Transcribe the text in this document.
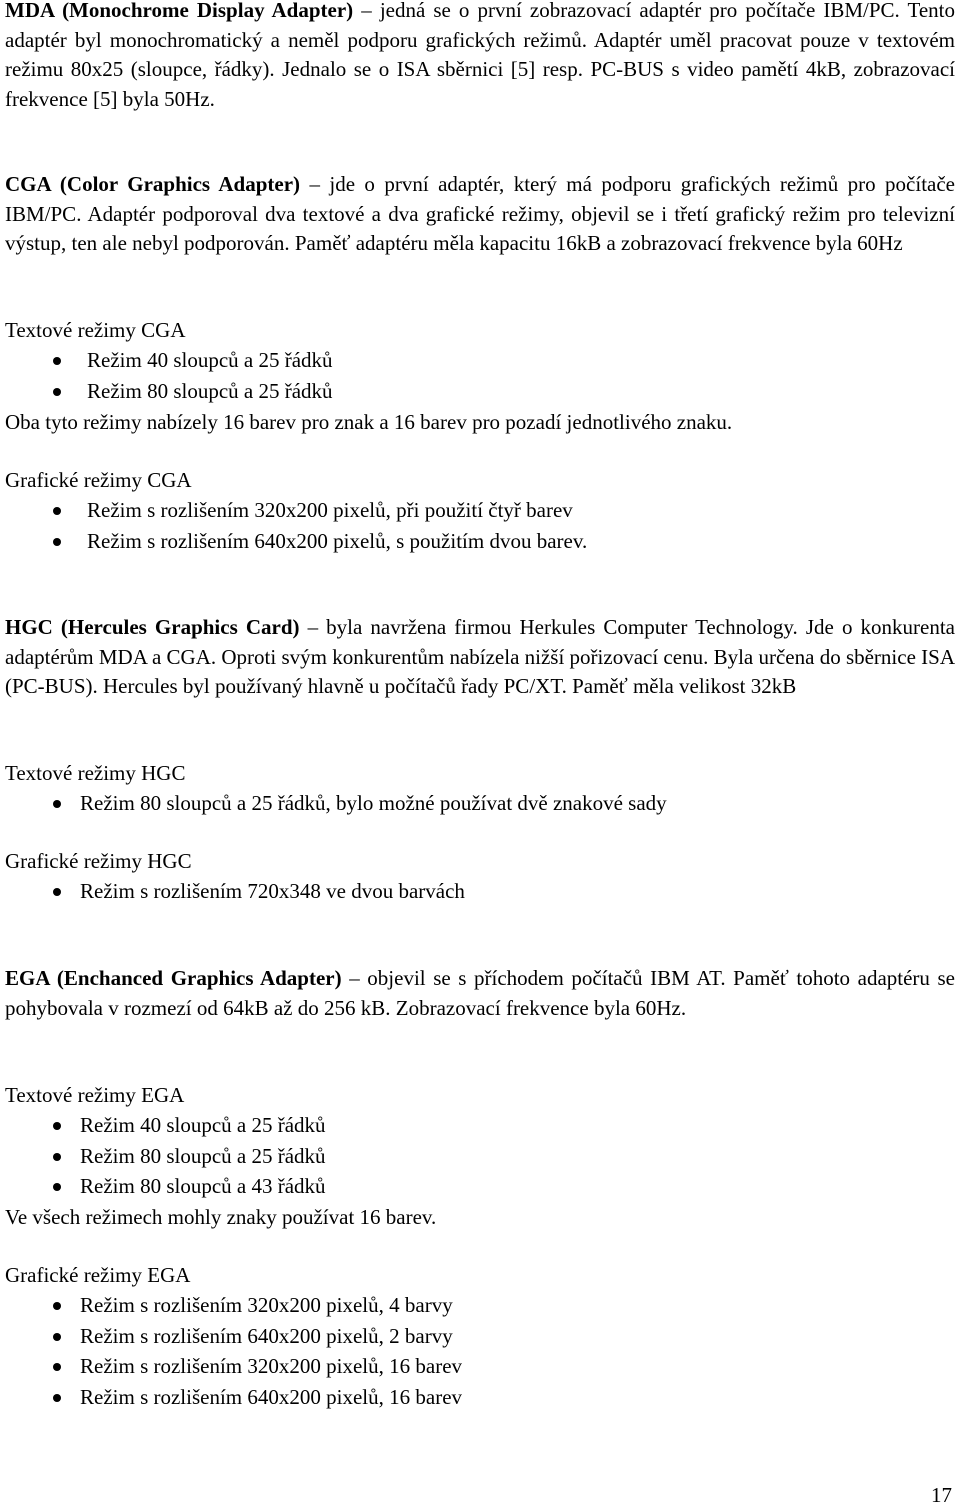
MDA (Monochrome Display Adapter) – jedná se o první zobrazovací adaptér pro počítače IBM/PC. Tento adaptér byl monochromatický a neměl podporu grafických režimů. Adaptér uměl pracovat pouze v textovém režimu 80x25 (sloupce, řádky). Jednalo se o ISA sběrnici [5] resp. PC-BUS s video pamětí 4kB, zobrazovací frekvence [5] byla 50Hz.

CGA (Color Graphics Adapter) – jde o první adaptér, který má podporu grafických režimů pro počítače IBM/PC. Adaptér podporoval dva textové a dva grafické režimy, objevil se i třetí grafický režim pro televizní výstup, ten ale nebyl podporován. Paměť adaptéru měla kapacitu 16kB a zobrazovací frekvence byla 60Hz

Textové režimy CGA
Režim 40 sloupců a 25 řádků
Režim 80 sloupců a 25 řádků
Oba tyto režimy nabízely 16 barev pro znak a 16 barev pro pozadí jednotlivého znaku.
Grafické režimy CGA
Režim s rozlišením 320x200 pixelů, při použití čtyř barev
Režim s rozlišením 640x200 pixelů, s použitím dvou barev.

HGC (Hercules Graphics Card) – byla navržena firmou Herkules Computer Technology. Jde o konkurenta adaptérům MDA a CGA. Oproti svým konkurentům nabízela nižší pořizovací cenu. Byla určena do sběrnice ISA (PC-BUS). Hercules byl používaný hlavně u počítačů řady PC/XT. Paměť měla velikost 32kB

Textové režimy HGC
Režim 80 sloupců a 25 řádků, bylo možné používat dvě znakové sady
Grafické režimy HGC
Režim s rozlišením 720x348 ve dvou barvách

EGA (Enchanced Graphics Adapter) – objevil se s příchodem počítačů IBM AT. Paměť tohoto adaptéru se pohybovala v rozmezí od 64kB až do 256 kB. Zobrazovací frekvence byla 60Hz.

Textové režimy EGA
Režim 40 sloupců a 25 řádků
Režim 80 sloupců a 25 řádků
Režim 80 sloupců a 43 řádků
Ve všech režimech mohly znaky používat 16 barev.
Grafické režimy EGA
Režim s rozlišením 320x200 pixelů, 4 barvy
Režim s rozlišením 640x200 pixelů, 2 barvy
Režim s rozlišením 320x200 pixelů, 16 barev
Režim s rozlišením 640x200 pixelů, 16 barev
17
